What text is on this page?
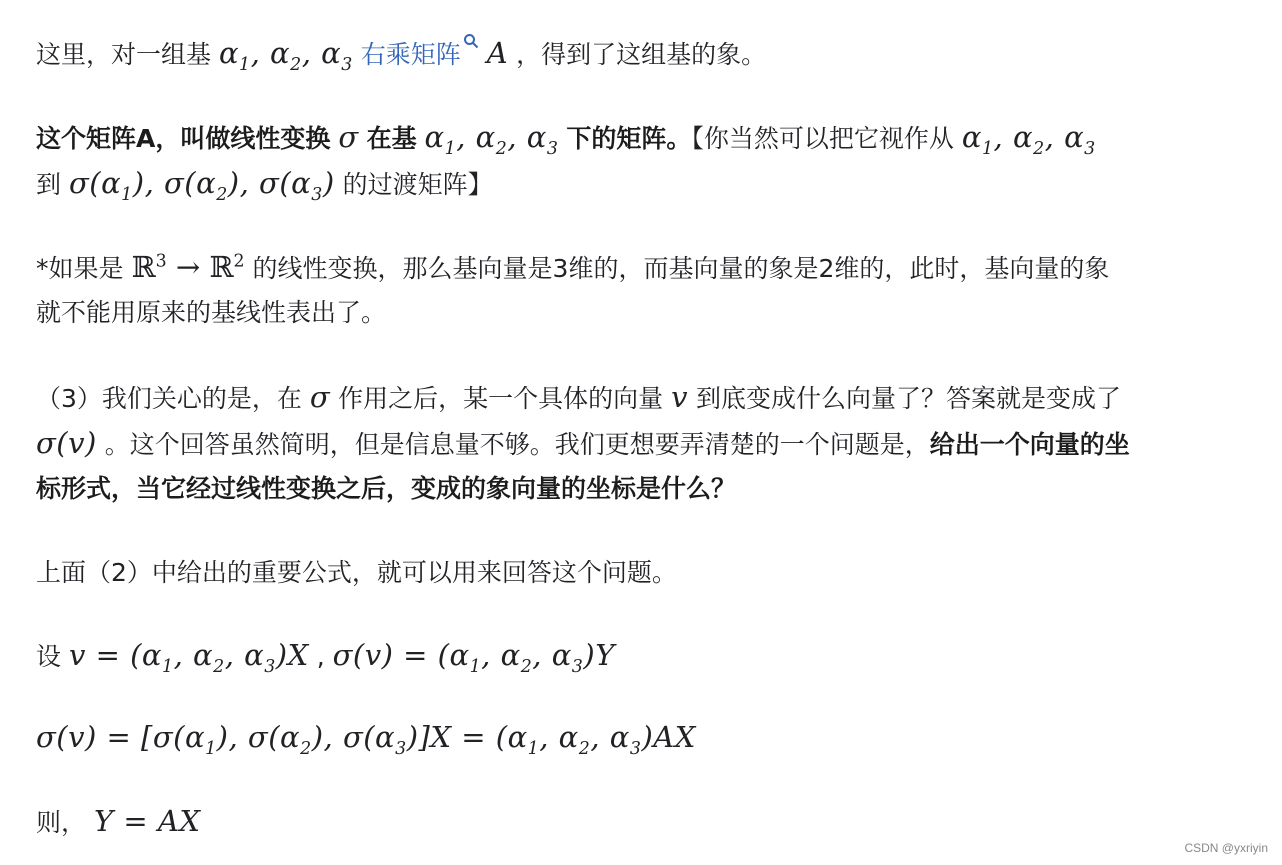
这里，对一组基 $\alpha_1$, $\alpha_2$, $\alpha_3$ 右乘矩阵 A ，得到了这组基的象。
这个矩阵A，叫做线性变换 σ 在基 $\alpha_1$, $\alpha_2$, $\alpha_3$ 下的矩阵。【你当然可以把它视作从 $\alpha_1$, $\alpha_2$, $\alpha_3$
到 $\sigma(\alpha_1)$, $\sigma(\alpha_2)$, $\sigma(\alpha_3)$ 的过渡矩阵】
*如果是 ℝ$^3$ → ℝ$^2$ 的线性变换，那么基向量是3维的，而基向量的象是2维的，此时，基向量的象
就不能用原来的基线性表出了。
（3）我们关心的是，在 σ 作用之后，某一个具体的向量 v 到底变成什么向量了？答案就是变成了
σ(v) 。这个回答虽然简明，但是信息量不够。我们更想要弄清楚的一个问题是，给出一个向量的坐
标形式，当它经过线性变换之后，变成的象向量的坐标是什么？
上面（2）中给出的重要公式，就可以用来回答这个问题。
设 $v = (\alpha_1$, $\alpha_2$, $\alpha_3)X$ , $\sigma(v) = (\alpha_1$, $\alpha_2$, $\alpha_3)Y$
$\sigma(v) = [\sigma(\alpha_1)$, $\sigma(\alpha_2)$, $\sigma(\alpha_3)]X = (\alpha_1$, $\alpha_2$, $\alpha_3)AX$
则， Y = AX
CSDN @yxriyin
